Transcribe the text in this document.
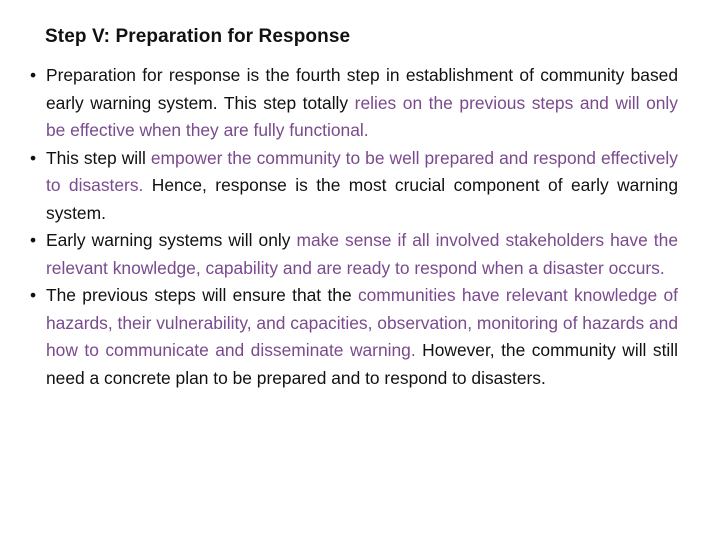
Step V: Preparation for Response
• Preparation for response is the fourth step in establishment of community based early warning system. This step totally relies on the previous steps and will only be effective when they are fully functional.
• This step will empower the community to be well prepared and respond effectively to disasters. Hence, response is the most crucial component of early warning system.
• Early warning systems will only make sense if all involved stakeholders have the relevant knowledge, capability and are ready to respond when a disaster occurs.
• The previous steps will ensure that the communities have relevant knowledge of hazards, their vulnerability, and capacities, observation, monitoring of hazards and how to communicate and disseminate warning. However, the community will still need a concrete plan to be prepared and to respond to disasters.
